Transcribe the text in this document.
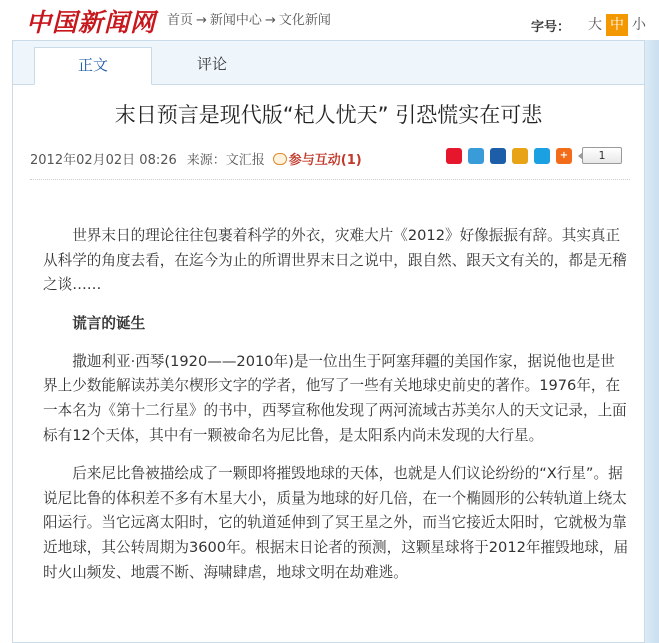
中国新闻网 首页 → 新闻中心 → 文化新闻	字号： 大 中 小
正文	评论
末日预言是现代版“杞人忧天” 引恐慌实在可悲
2012年02月02日 08:26 来源：文汇报 参与互动(1)	+	1

世界末日的理论往往包裹着科学的外衣，灾难大片《2012》好像振振有辞。其实真正从科学的角度去看，在迄今为止的所谓世界末日之说中，跟自然、跟天文有关的，都是无稽之谈……

谎言的诞生

撒迦利亚·西琴(1920——2010年)是一位出生于阿塞拜疆的美国作家，据说他也是世界上少数能解读苏美尔楔形文字的学者，他写了一些有关地球史前史的著作。1976年，在一本名为《第十二行星》的书中，西琴宣称他发现了两河流域古苏美尔人的天文记录，上面标有12个天体，其中有一颗被命名为尼比鲁，是太阳系内尚未发现的大行星。

后来尼比鲁被描绘成了一颗即将摧毁地球的天体，也就是人们议论纷纷的“X行星”。据说尼比鲁的体积差不多有木星大小，质量为地球的好几倍，在一个椭圆形的公转轨道上绕太阳运行。当它远离太阳时，它的轨道延伸到了冥王星之外，而当它接近太阳时，它就极为靠近地球，其公转周期为3600年。根据末日论者的预测，这颗星球将于2012年摧毁地球，届时火山频发、地震不断、海啸肆虐，地球文明在劫难逃。
